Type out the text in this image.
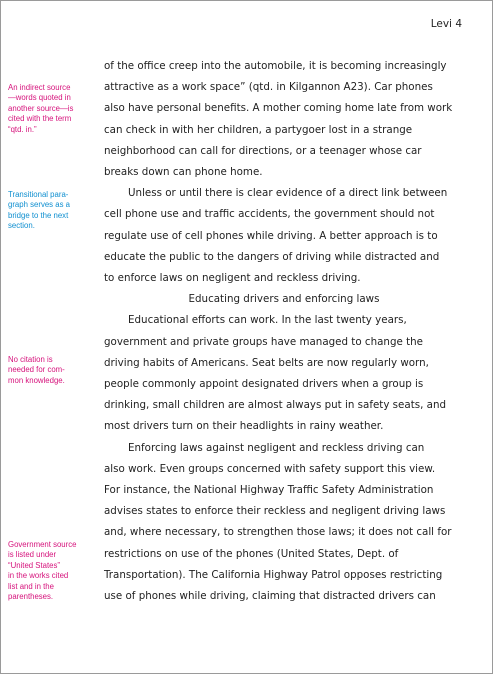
Levi 4
An indirect source
—words quoted in
another source—is
cited with the term
“qtd. in.”
Transitional para-
graph serves as a
bridge to the next
section.
No citation is
needed for com-
mon knowledge.
Government source
is listed under
“United States”
in the works cited
list and in the
parentheses.
of the office creep into the automobile, it is becoming increasingly
attractive as a work space” (qtd. in Kilgannon A23). Car phones
also have personal benefits. A mother coming home late from work
can check in with her children, a partygoer lost in a strange
neighborhood can call for directions, or a teenager whose car
breaks down can phone home.
Unless or until there is clear evidence of a direct link between
cell phone use and traffic accidents, the government should not
regulate use of cell phones while driving. A better approach is to
educate the public to the dangers of driving while distracted and
to enforce laws on negligent and reckless driving.
Educating drivers and enforcing laws
Educational efforts can work. In the last twenty years,
government and private groups have managed to change the
driving habits of Americans. Seat belts are now regularly worn,
people commonly appoint designated drivers when a group is
drinking, small children are almost always put in safety seats, and
most drivers turn on their headlights in rainy weather.
Enforcing laws against negligent and reckless driving can
also work. Even groups concerned with safety support this view.
For instance, the National Highway Traffic Safety Administration
advises states to enforce their reckless and negligent driving laws
and, where necessary, to strengthen those laws; it does not call for
restrictions on use of the phones (United States, Dept. of
Transportation). The California Highway Patrol opposes restricting
use of phones while driving, claiming that distracted drivers can
